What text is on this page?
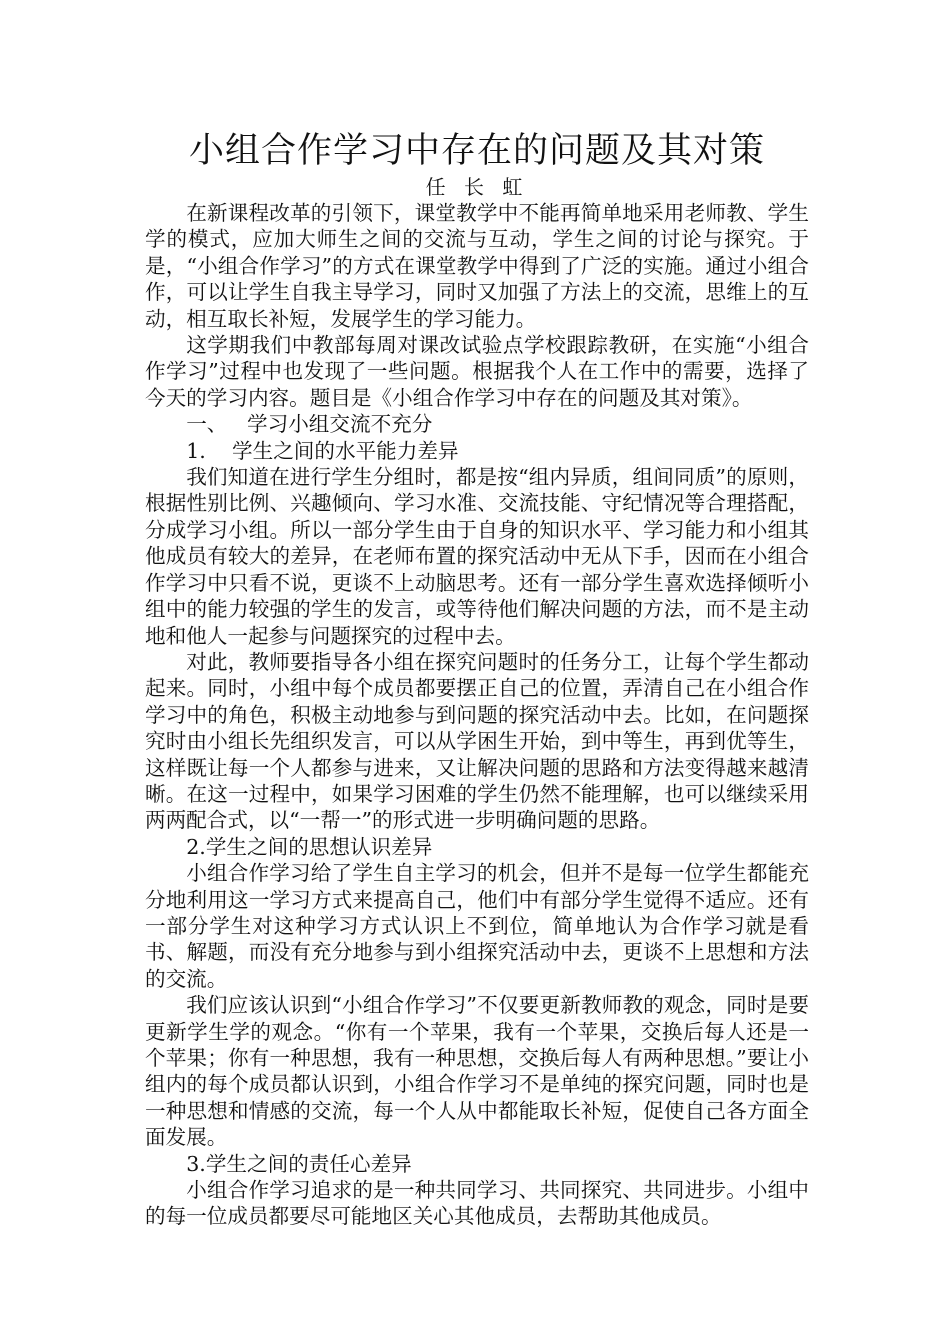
小组合作学习中存在的问题及其对策

任 长 虹

在新课程改革的引领下，课堂教学中不能再简单地采用老师教、学生学的模式，应加大师生之间的交流与互动，学生之间的讨论与探究。于是，“小组合作学习”的方式在课堂教学中得到了广泛的实施。通过小组合作，可以让学生自我主导学习，同时又加强了方法上的交流，思维上的互动，相互取长补短，发展学生的学习能力。

这学期我们中教部每周对课改试验点学校跟踪教研，在实施“小组合作学习”过程中也发现了一些问题。根据我个人在工作中的需要，选择了今天的学习内容。题目是《小组合作学习中存在的问题及其对策》。

一、   学习小组交流不充分

1.    学生之间的水平能力差异

我们知道在进行学生分组时，都是按“组内异质，组间同质”的原则，根据性别比例、兴趣倾向、学习水准、交流技能、守纪情况等合理搭配，分成学习小组。所以一部分学生由于自身的知识水平、学习能力和小组其他成员有较大的差异，在老师布置的探究活动中无从下手，因而在小组合作学习中只看不说，更谈不上动脑思考。还有一部分学生喜欢选择倾听小组中的能力较强的学生的发言，或等待他们解决问题的方法，而不是主动地和他人一起参与问题探究的过程中去。

对此，教师要指导各小组在探究问题时的任务分工，让每个学生都动起来。同时，小组中每个成员都要摆正自己的位置，弄清自己在小组合作学习中的角色，积极主动地参与到问题的探究活动中去。比如，在问题探究时由小组长先组织发言，可以从学困生开始，到中等生，再到优等生，这样既让每一个人都参与进来，又让解决问题的思路和方法变得越来越清晰。在这一过程中，如果学习困难的学生仍然不能理解，也可以继续采用两两配合式，以“一帮一”的形式进一步明确问题的思路。

2.学生之间的思想认识差异

小组合作学习给了学生自主学习的机会，但并不是每一位学生都能充分地利用这一学习方式来提高自己，他们中有部分学生觉得不适应。还有一部分学生对这种学习方式认识上不到位，简单地认为合作学习就是看书、解题，而没有充分地参与到小组探究活动中去，更谈不上思想和方法的交流。

我们应该认识到“小组合作学习”不仅要更新教师教的观念，同时是要更新学生学的观念。“你有一个苹果，我有一个苹果，交换后每人还是一个苹果；你有一种思想，我有一种思想，交换后每人有两种思想。”要让小组内的每个成员都认识到，小组合作学习不是单纯的探究问题，同时也是一种思想和情感的交流，每一个人从中都能取长补短，促使自己各方面全面发展。

3.学生之间的责任心差异

小组合作学习追求的是一种共同学习、共同探究、共同进步。小组中的每一位成员都要尽可能地区关心其他成员，去帮助其他成员。
